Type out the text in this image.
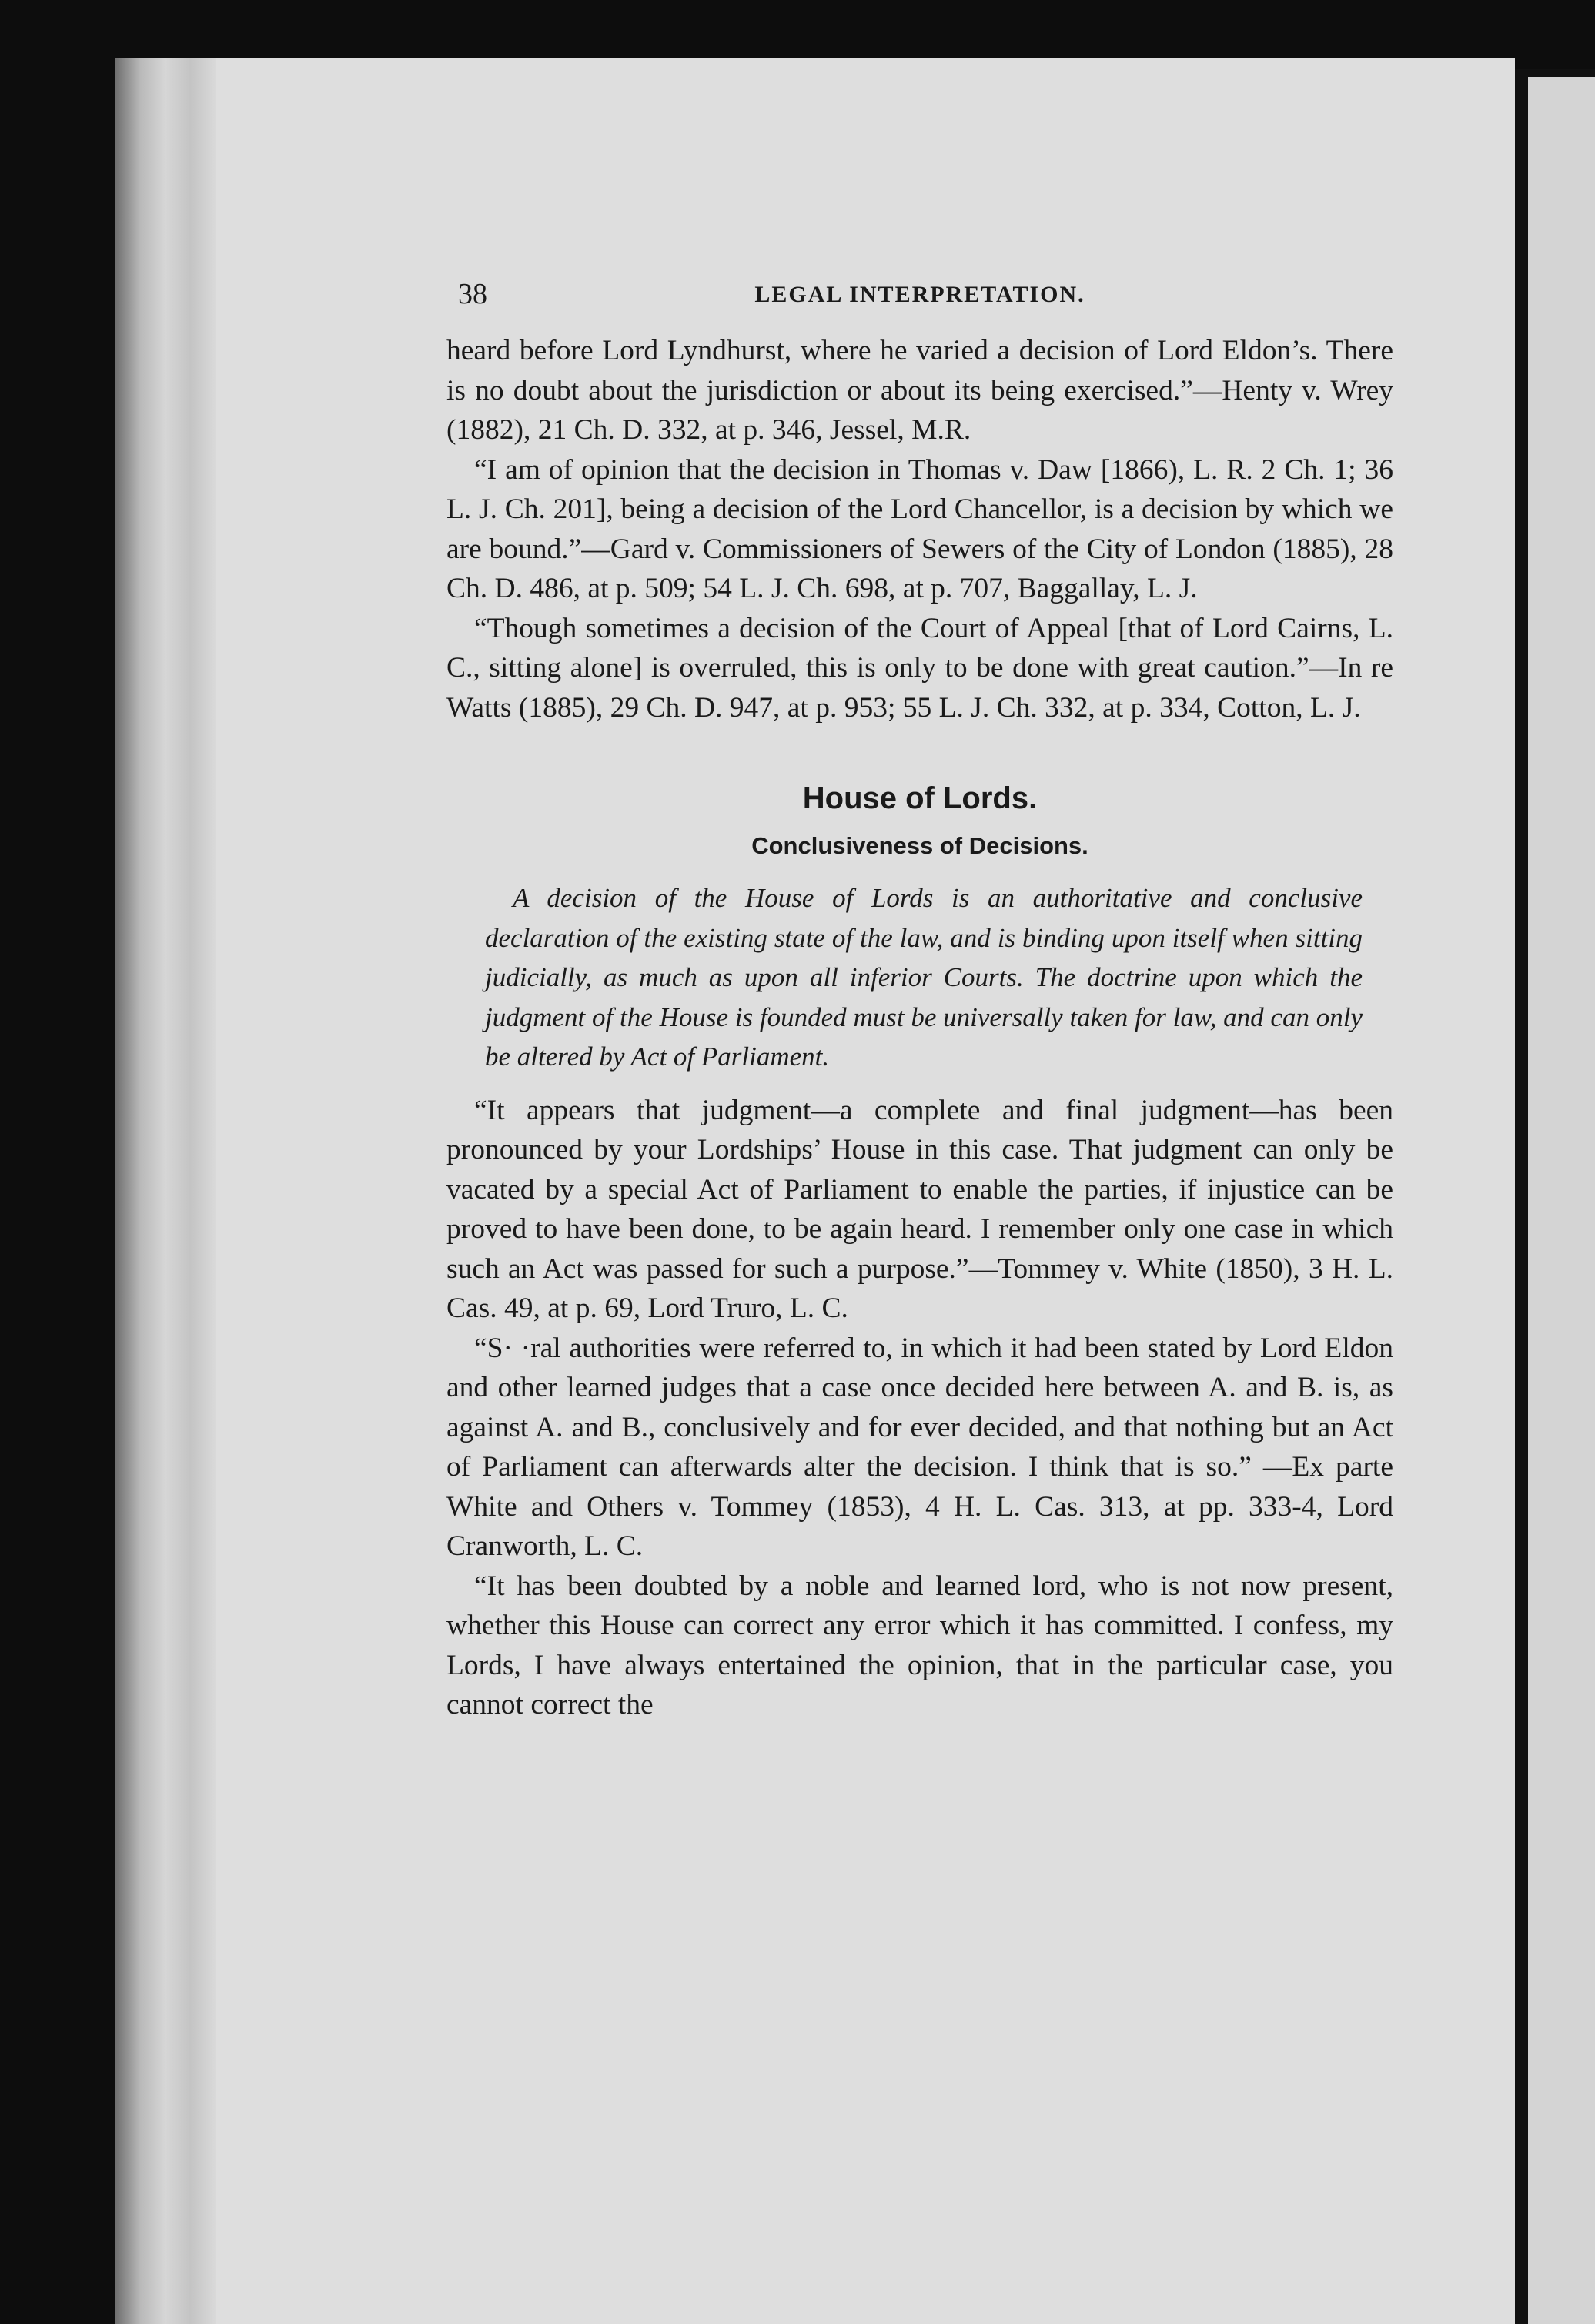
38	LEGAL INTERPRETATION.

heard before Lord Lyndhurst, where he varied a decision of Lord Eldon’s. There is no doubt about the jurisdiction or about its being exercised.”—Henty v. Wrey (1882), 21 Ch. D. 332, at p. 346, Jessel, M.R.

“I am of opinion that the decision in Thomas v. Daw [1866), L. R. 2 Ch. 1; 36 L. J. Ch. 201], being a decision of the Lord Chancellor, is a decision by which we are bound.”—Gard v. Commissioners of Sewers of the City of London (1885), 28 Ch. D. 486, at p. 509; 54 L. J. Ch. 698, at p. 707, Baggallay, L. J.

“Though sometimes a decision of the Court of Appeal [that of Lord Cairns, L. C., sitting alone] is overruled, this is only to be done with great caution.”—In re Watts (1885), 29 Ch. D. 947, at p. 953; 55 L. J. Ch. 332, at p. 334, Cotton, L. J.

House of Lords.
Conclusiveness of Decisions.
A decision of the House of Lords is an authoritative and conclusive declaration of the existing state of the law, and is binding upon itself when sitting judicially, as much as upon all inferior Courts. The doctrine upon which the judgment of the House is founded must be universally taken for law, and can only be altered by Act of Parliament.

“It appears that judgment—a complete and final judgment—has been pronounced by your Lordships’ House in this case. That judgment can only be vacated by a special Act of Parliament to enable the parties, if injustice can be proved to have been done, to be again heard. I remember only one case in which such an Act was passed for such a purpose.”—Tommey v. White (1850), 3 H. L. Cas. 49, at p. 69, Lord Truro, L. C.

“S· ·ral authorities were referred to, in which it had been stated by Lord Eldon and other learned judges that a case once decided here between A. and B. is, as against A. and B., conclusively and for ever decided, and that nothing but an Act of Parliament can afterwards alter the decision. I think that is so.” —Ex parte White and Others v. Tommey (1853), 4 H. L. Cas. 313, at pp. 333-4, Lord Cranworth, L. C.

“It has been doubted by a noble and learned lord, who is not now present, whether this House can correct any error which it has committed. I confess, my Lords, I have always entertained the opinion, that in the particular case, you cannot correct the
